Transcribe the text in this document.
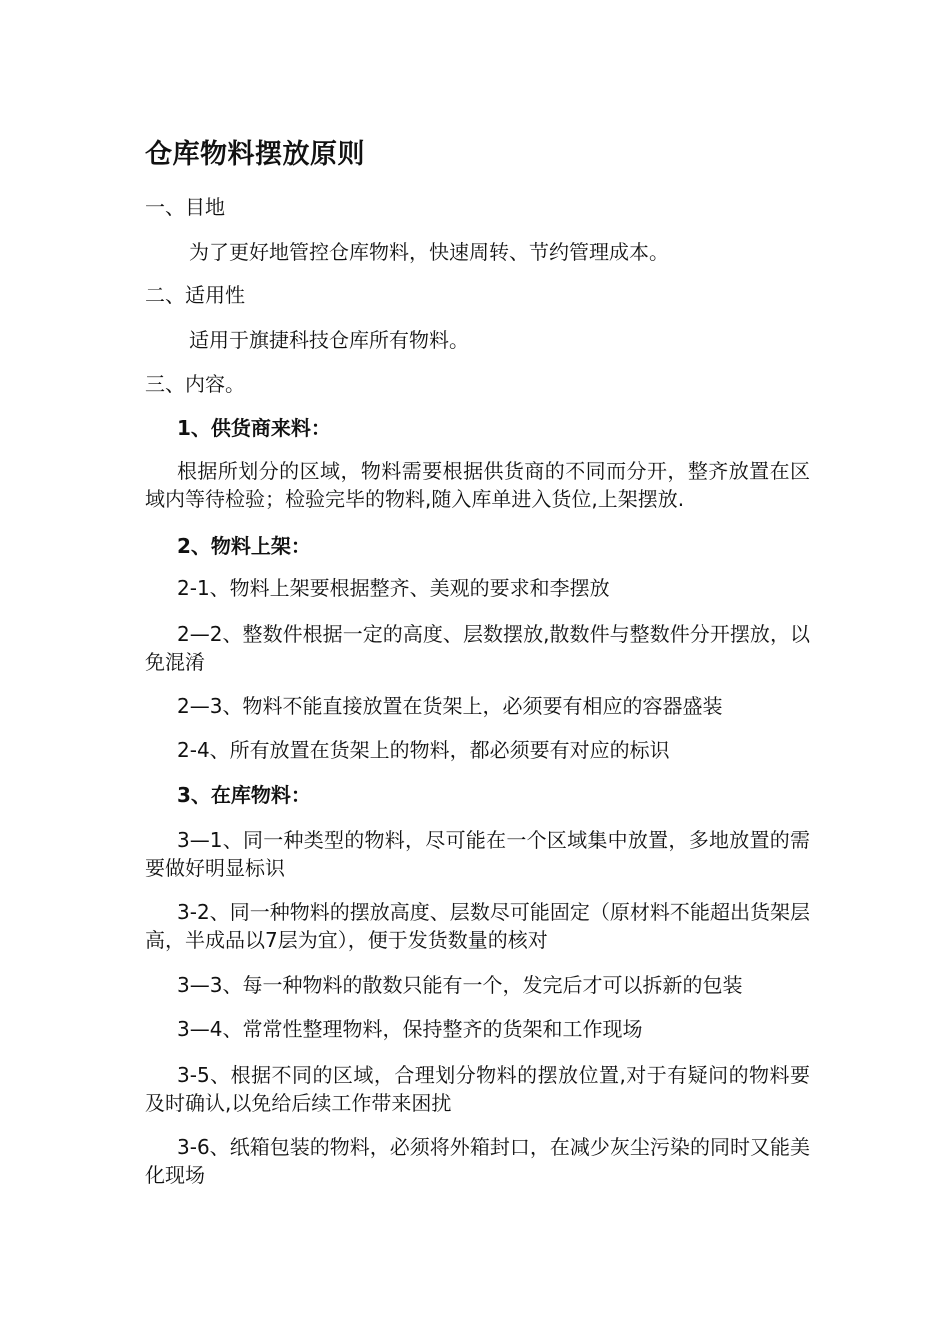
仓库物料摆放原则
一、目地
为了更好地管控仓库物料，快速周转、节约管理成本。
二、适用性
适用于旗捷科技仓库所有物料。
三、内容。
1、供货商来料：
根据所划分的区域，物料需要根据供货商的不同而分开，整齐放置在区域内等待检验；检验完毕的物料,随入库单进入货位,上架摆放.
2、物料上架：
2-1、物料上架要根据整齐、美观的要求和李摆放
2—2、整数件根据一定的高度、层数摆放,散数件与整数件分开摆放，以免混淆
2—3、物料不能直接放置在货架上，必须要有相应的容器盛装
2-4、所有放置在货架上的物料，都必须要有对应的标识
3、在库物料：
3—1、同一种类型的物料，尽可能在一个区域集中放置，多地放置的需要做好明显标识
3-2、同一种物料的摆放高度、层数尽可能固定（原材料不能超出货架层高，半成品以7层为宜），便于发货数量的核对
3—3、每一种物料的散数只能有一个，发完后才可以拆新的包装
3—4、常常性整理物料，保持整齐的货架和工作现场
3-5、根据不同的区域，合理划分物料的摆放位置,对于有疑问的物料要及时确认,以免给后续工作带来困扰
3-6、纸箱包装的物料，必须将外箱封口，在减少灰尘污染的同时又能美化现场
